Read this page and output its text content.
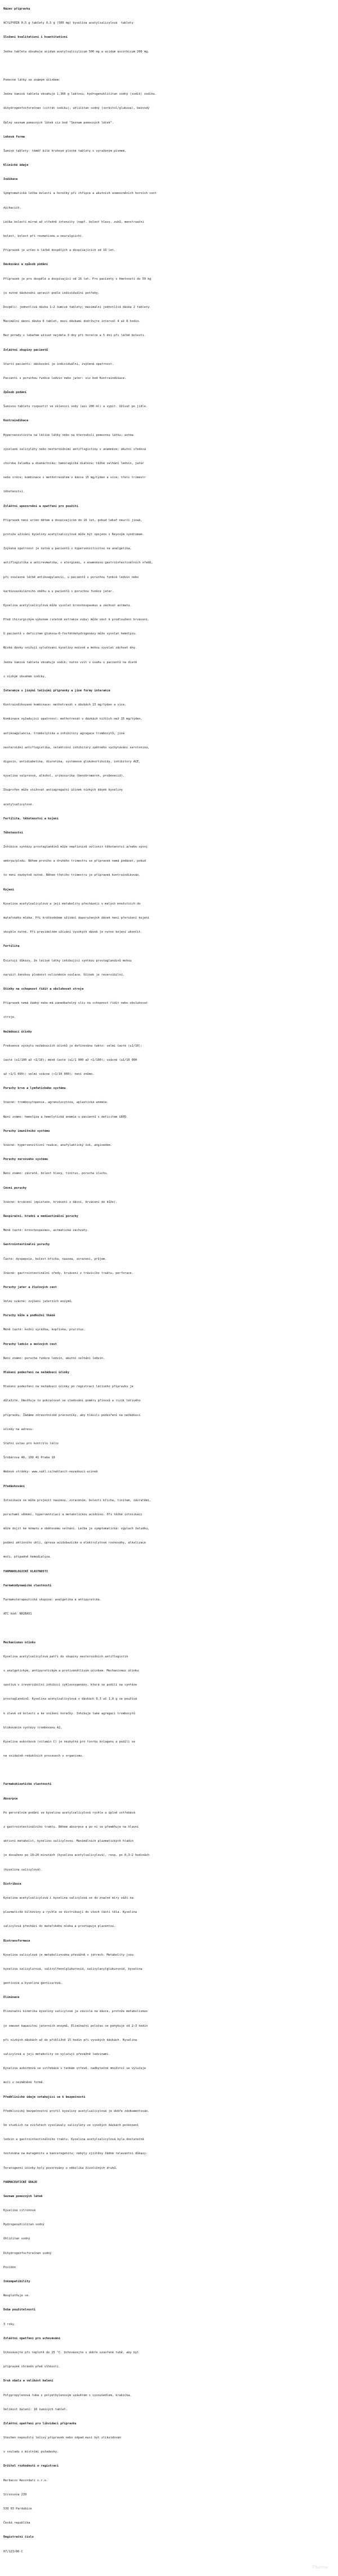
Název přípravku
ACYLPYRIN 0,5 g tablety 0,5 g (500 mg) kyselina acetylsalicylová  tablety
Složení kvalitativní i kvantitativní
Jedna tableta obsahuje acidum acetylsalicylicum 500 mg a acidum ascorbicum 200 mg.

Pomocné látky se známým účinkem:
Jedna šumivá tableta obsahuje 1,366 g laktosu, hydrogenuhličitan sodný (sodík) sodíku.
dihydrogenfosforečnan (citrát sodíku); uhličitan sodný (sorbitol/glukosa), bezvodý
Úplný seznam pomocných látek viz bod "Seznam pomocných látek".
Léková forma
Šumivé tablety: téměř bílé kruhové ploché tablety s vyraženým písmem.
Klinické údaje
Indikace
Symptomatická léčba bolesti a horečky při chřipce a akutních onemocněních horních cest
dýchacích.
Léčba bolestí mírné až středně intenzity (např. bolest hlavy, zubů, menstruační
bolest, bolest při revmatismu a neuralgiích).
Přípravek je určen k léčbě dospělých a dospívajících od 16 let.
Dávkování a způsob podání
Přípravek je pro dospělé a dospívající od 16 let. Pro pacienty s hmotností do 50 kg
je nutné dávkování upravit podle individuální potřeby.
Dospělí: jednotlivá dávka 1–2 šumivé tablety; maximální jednotlivá dávka 2 tablety.
Maximální denní dávka 6 tablet, mezi dávkami dodržujte interval 4 až 8 hodin.
Bez porady s lékařem užívat nejdéle 3 dny při horečce a 5 dní při léčbě bolesti.
Zvláštní skupiny pacientů
Starší pacienti: dávkování je individuální, zvýšená opatrnost.
Pacienti s poruchou funkce ledvin nebo jater: viz bod Kontraindikace.
Způsob podání
Šumivou tabletu rozpustit ve sklenici vody (asi 200 ml) a vypít. Užívat po jídle.
Kontraindikace
Hypersenzitivita na léčivé látky nebo na kteroukoli pomocnou látku; astma
vyvolané salicyláty nebo nesteroidními antiflogistiky v anamnéze; akutní vředová
choroba žaludku a dvanáctníku; hemoragická diatéza; těžké selhání ledvin, jater
nebo srdce; kombinace s methotrexátem v dávce 15 mg/týden a více; třetí trimestr
těhotenství.
Zvláštní upozornění a opatření pro použití
Přípravek není určen dětem a dospívajícím do 16 let, pokud lékař neurčí jinak,
protože užívání kyseliny acetylsalicylové může být spojeno s Reyovým syndromem.
Zvýšená opatrnost je nutná u pacientů s hypersenzitivitou na analgetika,
antiflogistika a antirevmatika, s alergiemi, s anamnézou gastrointestinálních vředů,
při současné léčbě antikoagulancii, u pacientů s poruchou funkce ledvin nebo
kardiovaskulárního oběhu a u pacientů s poruchou funkce jater.
Kyselina acetylsalicylová může vyvolat bronchospasmus a záchvat astmatu.
Před chirurgickým výkonem (včetně extrakce zubu) může vést k prodloužení krvácení.
U pacientů s deficitem glukosa-6-fosfátdehydrogenázy může vyvolat hemolýzu.
Nízké dávky snižují vylučování kyseliny močové a mohou vyvolat záchvat dny.
Jedna šumivá tableta obsahuje sodík; nutno vzít v úvahu u pacientů na dietě
s nízkým obsahem sodíku.
Interakce s jinými léčivými přípravky a jiné formy interakce
Kontraindikované kombinace: methotrexát v dávkách 15 mg/týden a více.
Kombinace vyžadující opatrnost: methotrexát v dávkách nižších než 15 mg/týden,
antikoagulancia, trombolytika a inhibitory agregace trombocytů, jiná
nesteroidní antiflogistika, selektivní inhibitory zpětného vychytávání serotoninu,
digoxin, antidiabetika, diuretika, systémové glukokortikoidy, inhibitory ACE,
kyselina valproová, alkohol, urikosurika (benzbromaron, probenecid).
Ibuprofen může snižovat antiagregační účinek nízkých dávek kyseliny
acetylsalicylové.
Fertilita, těhotenství a kojení
Těhotenství
Inhibice syntézy prostaglandinů může nepříznivě ovlivnit těhotenství a/nebo vývoj
embrya/plodu. Během prvního a druhého trimestru se přípravek nemá podávat, pokud
to není nezbytně nutné. Během třetího trimestru je přípravek kontraindikován.
Kojení
Kyselina acetylsalicylová a její metabolity přecházejí v malých množstvích do
mateřského mléka. Při krátkodobém užívání doporučených dávek není přerušení kojení
obvykle nutné. Při pravidelném užívání vysokých dávek je nutno kojení ukončit.
Fertilita
Existují důkazy, že léčivé látky inhibující syntézu prostaglandinů mohou
narušit ženskou plodnost ovlivněním ovulace. Účinek je reverzibilní.
Účinky na schopnost řídit a obsluhovat stroje
Přípravek nemá žádný nebo má zanedbatelný vliv na schopnost řídit nebo obsluhovat
stroje.
Nežádoucí účinky
Frekvence výskytu nežádoucích účinků je definována takto: velmi časté (≥1/10);
časté (≥1/100 až <1/10); méně časté (≥1/1 000 až <1/100); vzácné (≥1/10 000
až <1/1 000); velmi vzácné (<1/10 000); není známo.
Poruchy krve a lymfatického systému
Vzácné: trombocytopenie, agranulocytóza, aplastická anémie.
Není známo: hemolýza a hemolytická anémie u pacientů s deficitem G6PD.
Poruchy imunitního systému
Vzácné: hypersenzitivní reakce, anafylaktický šok, angioedém.
Poruchy nervového systému
Není známo: závratě, bolest hlavy, tinitus, porucha sluchu.
Cévní poruchy
Vzácné: krvácení (epistaxe, krvácení z dásní, krvácení do kůže).
Respirační, hrudní a mediastinální poruchy
Méně časté: bronchospasmus, astmatické záchvaty.
Gastrointestinální poruchy
Časté: dyspepsie, bolest břicha, nauzea, zvracení, průjem.
Vzácné: gastrointestinální vředy, krvácení z trávicího traktu, perforace.
Poruchy jater a žlučových cest
Velmi vzácné: zvýšení jaterních enzymů.
Poruchy kůže a podkožní tkáně
Méně časté: kožní vyrážka, kopřivka, pruritus.
Poruchy ledvin a močových cest
Není známo: porucha funkce ledvin, akutní selhání ledvin.
Hlášení podezření na nežádoucí účinky
Hlášení podezření na nežádoucí účinky po registraci léčivého přípravku je
důležité. Umožňuje to pokračovat ve sledování poměru přínosů a rizik léčivého
přípravku. Žádáme zdravotnické pracovníky, aby hlásili podezření na nežádoucí
účinky na adresu:
Státní ústav pro kontrolu léčiv
Šrobárova 48, 100 41 Praha 10
Webové stránky: www.sukl.cz/nahlasit-nezadouci-ucinek
Předávkování
Intoxikace se může projevit nauzeou, zvracením, bolestí břicha, tinitem, závratěmi,
poruchami vědomí, hyperventilací a metabolickou acidózou. Při těžké intoxikaci
může dojít ke kómatu a oběhovému selhání. Léčba je symptomatická: výplach žaludku,
podání aktivního uhlí, úprava acidobazické a elektrolytové rovnováhy, alkalizace
moči, případně hemodialýza.
FARMAKOLOGICKÉ VLASTNOSTI
Farmakodynamické vlastnosti
Farmakoterapeutická skupina: analgetika a antipyretika.
ATC kód: N02BA51

Mechanismus účinku
Kyselina acetylsalicylová patří do skupiny nesteroidních antiflogistik
s analgetickým, antipyretickým a protizánětlivým účinkem. Mechanismus účinku
spočívá v ireverzibilní inhibici cyklooxygenázy, která se podílí na syntéze
prostaglandinů. Kyselina acetylsalicylová v dávkách 0,3 až 1,0 g se používá
k úlevě od bolesti a ke snížení horečky. Inhibuje také agregaci trombocytů
blokováním syntézy tromboxanu A2.
Kyselina askorbová (vitamin C) je nezbytná pro tvorbu kolagenu a podílí se
na oxidačně-redukčních procesech v organismu.

Farmakokinetické vlastnosti
Absorpce
Po perorálním podání se kyselina acetylsalicylová rychle a úplně vstřebává
z gastrointestinálního traktu. Během absorpce a po ní se přeměňuje na hlavní
aktivní metabolit, kyselinu salicylovou. Maximálních plazmatických hladin
je dosaženo po 10–20 minutách (kyselina acetylsalicylová), resp. po 0,3–2 hodinách
(kyselina salicylová).
Distribuce
Kyselina acetylsalicylová i kyselina salicylová se do značné míry váží na
plazmatické bílkoviny a rychle se distribuují do všech částí těla. Kyselina
salicylová přechází do mateřského mléka a prostupuje placentou.
Biotransformace
Kyselina salicylová je metabolizována převážně v játrech. Metabolity jsou
kyselina salicylurová, salicylfenolglukuronid, salicylacylglukuronid, kyselina
gentisová a kyselina gentisurová.
Eliminace
Eliminační kinetika kyseliny salicylové je závislá na dávce, protože metabolismus
je omezen kapacitou jaterních enzymů. Eliminační poločas se pohybuje od 2–3 hodin
při nízkých dávkách až do přibližně 15 hodin při vysokých dávkách. Kyselina
salicylová a její metabolity se vylučují převážně ledvinami.
Kyselina askorbová se vstřebává v tenkém střevě, nadbytečné množství se vylučuje
močí v nezměněné formě.
Předklinické údaje vztahující se k bezpečnosti
Předklinický bezpečnostní profil kyseliny acetylsalicylové je dobře zdokumentován.
Ve studiích na zvířatech vyvolávaly salicyláty ve vysokých dávkách poškození
ledvin a gastrointestinálního traktu. Kyselina acetylsalicylová byla dostatečně
testována na mutagenitu a kancerogenitu; nebyly zjištěny žádné relevantní důkazy.
Teratogenní účinky byly pozorovány u několika živočišných druhů.
FARMACEUTICKÉ ÚDAJE
Seznam pomocných látek
Kyselina citronová
Hydrogenuhličitan sodný
Uhličitan sodný
Dihydrogenfosforečnan sodný
Povidon
Inkompatibility
Neuplatňuje se.
Doba použitelnosti
3 roky.
Zvláštní opatření pro uchovávání
Uchovávejte při teplotě do 25 °C. Uchovávejte v dobře uzavřené tubě, aby byl
přípravek chráněn před vlhkostí.
Druh obalu a velikost balení
Polypropylenová tuba s polyethylenovým uzávěrem s vysoušedlem, krabička.
Velikost balení: 10 šumivých tablet.
Zvláštní opatření pro likvidaci přípravku
Všechen nepoužitý léčivý přípravek nebo odpad musí být zlikvidován
v souladu s místními požadavky.
Držitel rozhodnutí o registraci
Herbacos Recordati s.r.o.
Strossova 239
530 03 Pardubice
Česká republika
Registrační číslo
07/123/86-C
Pharma
